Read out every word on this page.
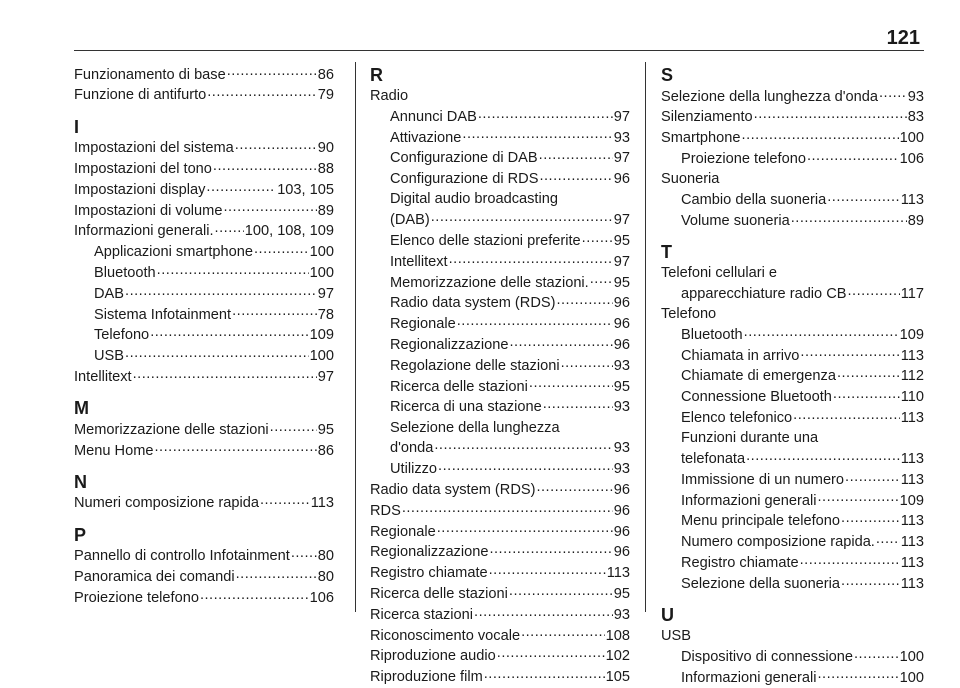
121
Funzionamento di base .....	86
Funzione di antifurto .....	79
I
Impostazioni del sistema .....	90
Impostazioni del tono .....	88
Impostazioni display .....	103, 105
Impostazioni di volume .....	89
Informazioni generali. ..... 100, 108, 109
Applicazioni smartphone .....	100
Bluetooth .....	100
DAB .....	97
Sistema Infotainment .....	78
Telefono .....	109
USB .....	100
Intellitext .....	97
M
Memorizzazione delle stazioni .....	95
Menu Home .....	86
N
Numeri composizione rapida .....	113
P
Pannello di controllo Infotainment ..... 80
Panoramica dei comandi .....	80
Proiezione telefono .....	106
R
Radio
Annunci DAB .....	97
Attivazione .....	93
Configurazione di DAB .....	97
Configurazione di RDS .....	96
Digital audio broadcasting
(DAB) .....	97
Elenco delle stazioni preferite ..... 95
Intellitext .....	97
Memorizzazione delle stazioni. ..... 95
Radio data system (RDS) .....	96
Regionale .....	96
Regionalizzazione .....	96
Regolazione delle stazioni .....	93
Ricerca delle stazioni .....	95
Ricerca di una stazione .....	93
Selezione della lunghezza
d'onda .....	93
Utilizzo .....	93
Radio data system (RDS) .....	96
RDS .....	96
Regionale .....	96
Regionalizzazione .....	96
Registro chiamate .....	113
Ricerca delle stazioni .....	95
Ricerca stazioni .....	93
Riconoscimento vocale .....	108
Riproduzione audio .....	102
Riproduzione film .....	105
S
Selezione della lunghezza d'onda ..... 93
Silenziamento .....	83
Smartphone .....	100
Proiezione telefono .....	106
Suoneria
Cambio della suoneria .....	113
Volume suoneria .....	89
T
Telefoni cellulari e
apparecchiature radio CB .....	117
Telefono
Bluetooth .....	109
Chiamata in arrivo .....	113
Chiamate di emergenza .....	112
Connessione Bluetooth .....	110
Elenco telefonico .....	113
Funzioni durante una
telefonata .....	113
Immissione di un numero .....	113
Informazioni generali .....	109
Menu principale telefono .....	113
Numero composizione rapida. ..... 113
Registro chiamate .....	113
Selezione della suoneria .....	113
U
USB
Dispositivo di connessione .....	100
Informazioni generali .....	100
